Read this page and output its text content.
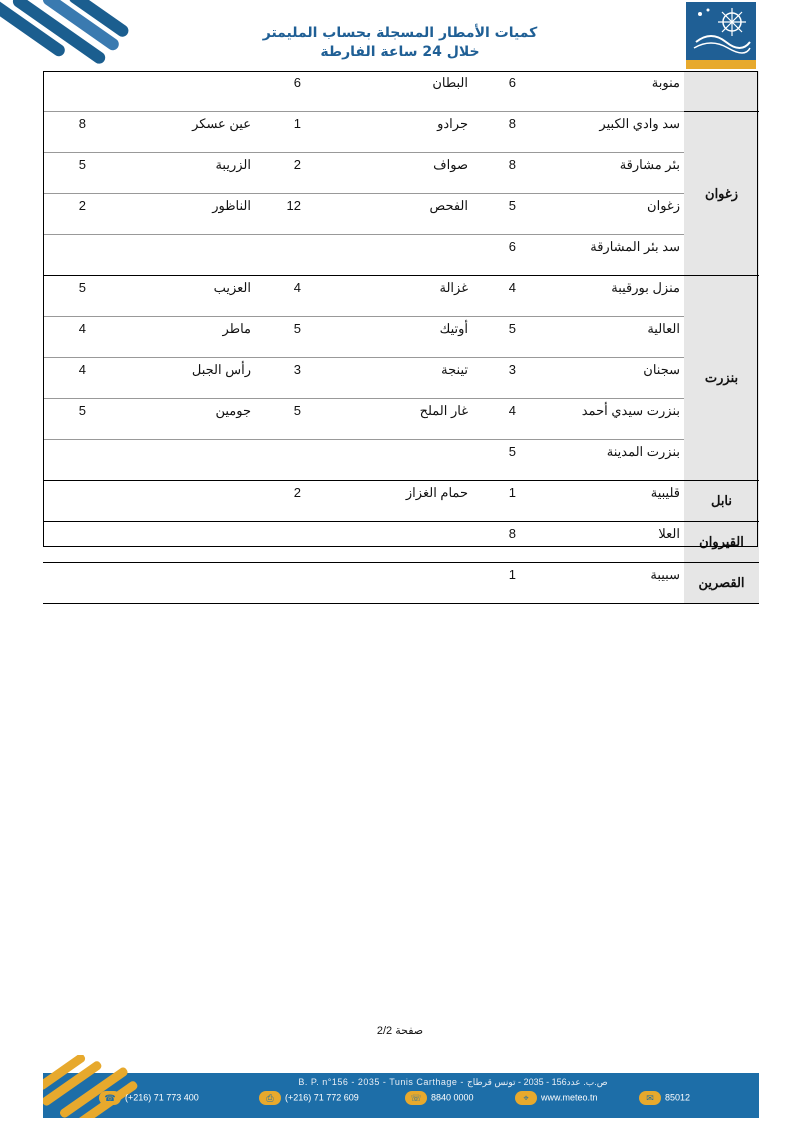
كميات الأمطار المسجلة بحساب المليمتر
خلال 24 ساعة الفارطة
	منوبة	6	البطان	6		
زغوان	سد وادي الكبير	8	جرادو	1	عين عسكر	8
	بئر مشارقة	8	صواف	2	الزريبة	5
	زغوان	5	الفحص	12	الناظور	2
	سد بئر المشارقة	6				
بنزرت	منزل بورقيبة	4	غزالة	4	العزيب	5
	العالية	5	أوتيك	5	ماطر	4
	سجنان	3	تينجة	3	رأس الجبل	4
	بنزرت سيدي أحمد	4	غار الملح	5	جومين	5
	بنزرت المدينة	5				
نابل	قليبية	1	حمام الغزاز	2		
القيروان	العلا	8				
القصرين	سبيبة	1				
صفحة 2/2
B. P. n°156 - 2035 - Tunis Carthage - ص.ب. عدد156 - 2035 - تونس قرطاج
☎ (+216) 71 773 400	⎙ (+216) 71 772 609	☏ 8840 0000	⌖ www.meteo.tn	✉ 85012
